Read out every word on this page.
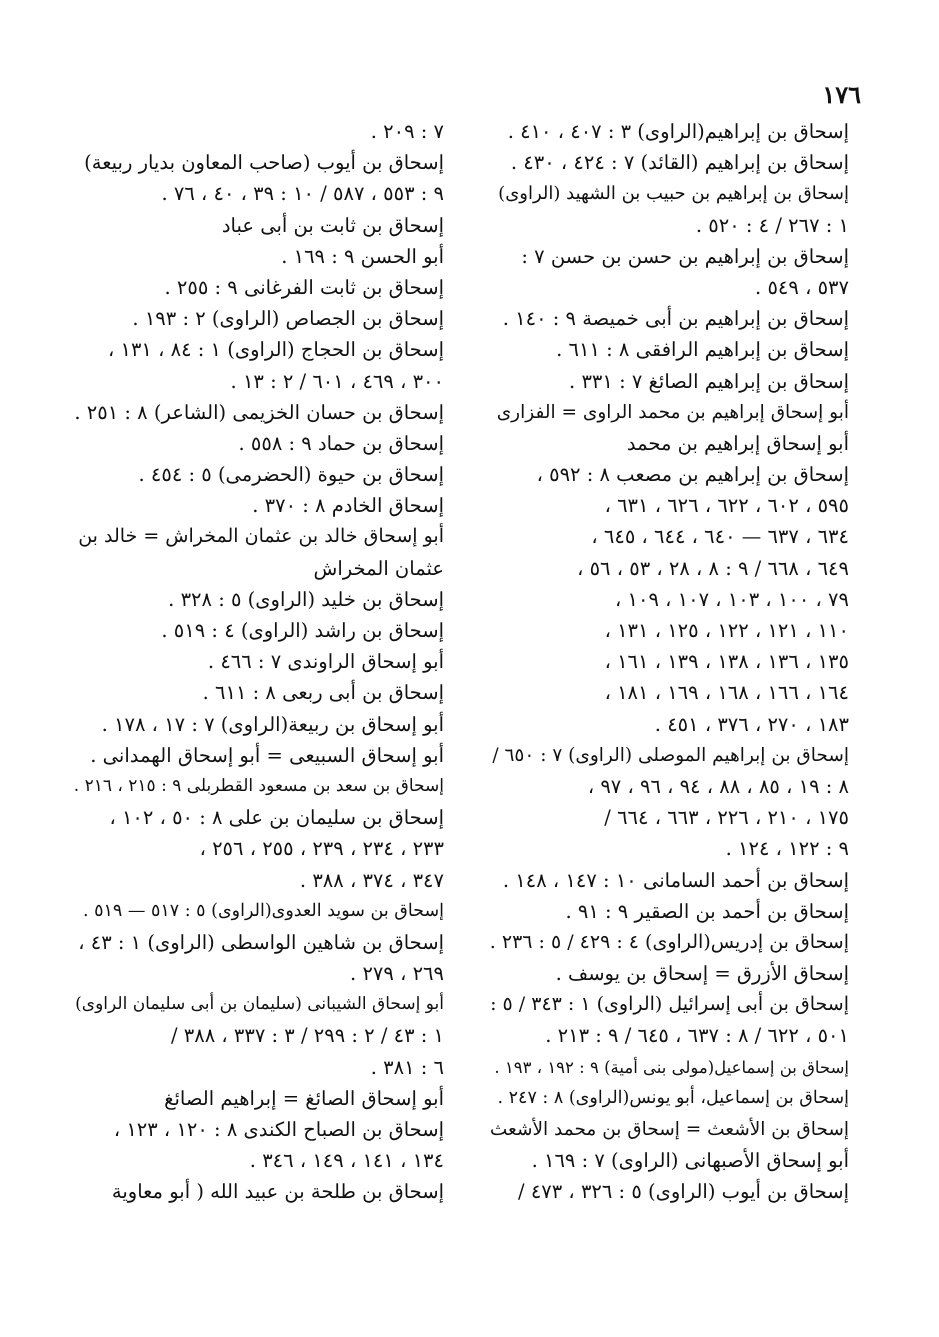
١٧٦
إسحاق بن إبراهيم(الراوی) ٣ : ٤٠٧ ، ٤١٠ .
إسحاق بن إبراهيم (القائد) ٧ : ٤٢٤ ، ٤٣٠ .
إسحاق بن إبراهيم بن حبيب بن الشهيد (الراوی)
١ : ٢٦٧ / ٤ : ٥٢٠ .
إسحاق بن إبراهيم بن حسن بن حسن ٧ :
٥٣٧ ، ٥٤٩ .
إسحاق بن إبراهيم بن أبی خميصة ٩ : ١٤٠ .
إسحاق بن إبراهيم الرافقی ٨ : ٦١١ .
إسحاق بن إبراهيم الصائغ ٧ : ٣٣١ .
أبو إسحاق إبراهيم بن محمد الراوی = الفزاری
أبو إسحاق إبراهيم بن محمد
إسحاق بن إبراهيم بن مصعب ٨ : ٥٩٢ ،
٥٩٥ ، ٦٠٢ ، ٦٢٢ ، ٦٢٦ ، ٦٣١ ،
٦٣٤ ، ٦٣٧ — ٦٤٠ ، ٦٤٤ ، ٦٤٥ ،
٦٤٩ ، ٦٦٨ / ٩ : ٨ ، ٢٨ ، ٥٣ ، ٥٦ ،
٧٩ ، ١٠٠ ، ١٠٣ ، ١٠٧ ، ١٠٩ ،
١١٠ ، ١٢١ ، ١٢٢ ، ١٢٥ ، ١٣١ ،
١٣٥ ، ١٣٦ ، ١٣٨ ، ١٣٩ ، ١٦١ ،
١٦٤ ، ١٦٦ ، ١٦٨ ، ١٦٩ ، ١٨١ ،
١٨٣ ، ٢٧٠ ، ٣٧٦ ، ٤٥١ .
إسحاق بن إبراهيم الموصلی (الراوی) ٧ : ٦٥٠ /
٨ : ١٩ ، ٨٥ ، ٨٨ ، ٩٤ ، ٩٦ ، ٩٧ ،
١٧٥ ، ٢١٠ ، ٢٢٦ ، ٦٦٣ ، ٦٦٤ /
٩ : ١٢٢ ، ١٢٤ .
إسحاق بن أحمد السامانی ١٠ : ١٤٧ ، ١٤٨ .
إسحاق بن أحمد بن الصقير ٩ : ٩١ .
إسحاق بن إدريس(الراوی) ٤ : ٤٢٩ / ٥ : ٢٣٦ .
إسحاق الأزرق = إسحاق بن يوسف .
إسحاق بن أبی إسرائيل (الراوی) ١ : ٣٤٣ / ٥ :
٥٠١ ، ٦٢٢ / ٨ : ٦٣٧ ، ٦٤٥ / ٩ : ٢١٣ .
إسحاق بن إسماعيل(مولی بنی أمية) ٩ : ١٩٢ ، ١٩٣ .
إسحاق بن إسماعيل، أبو يونس(الراوی) ٨ : ٢٤٧ .
إسحاق بن الأشعث = إسحاق بن محمد الأشعث
أبو إسحاق الأصبهانی (الراوی) ٧ : ١٦٩ .
إسحاق بن أيوب (الراوی) ٥ : ٣٢٦ ، ٤٧٣ /
٧ : ٢٠٩ .
إسحاق بن أيوب (صاحب المعاون بديار ربيعة)
٩ : ٥٥٣ ، ٥٨٧ / ١٠ : ٣٩ ، ٤٠ ، ٧٦ .
إسحاق بن ثابت بن أبی عباد
أبو الحسن ٩ : ١٦٩ .
إسحاق بن ثابت الفرغانی ٩ : ٢٥٥ .
إسحاق بن الجصاص (الراوی) ٢ : ١٩٣ .
إسحاق بن الحجاج (الراوی) ١ : ٨٤ ، ١٣١ ،
٣٠٠ ، ٤٦٩ ، ٦٠١ / ٢ : ١٣ .
إسحاق بن حسان الخزيمی (الشاعر) ٨ : ٢٥١ .
إسحاق بن حماد ٩ : ٥٥٨ .
إسحاق بن حيوة (الحضرمی) ٥ : ٤٥٤ .
إسحاق الخادم ٨ : ٣٧٠ .
أبو إسحاق خالد بن عثمان المخراش = خالد بن
عثمان المخراش
إسحاق بن خليد (الراوی) ٥ : ٣٢٨ .
إسحاق بن راشد (الراوی) ٤ : ٥١٩ .
أبو إسحاق الراوندی ٧ : ٤٦٦ .
إسحاق بن أبی ربعی ٨ : ٦١١ .
أبو إسحاق بن ربيعة(الراوی) ٧ : ١٧ ، ١٧٨ .
أبو إسحاق السبيعی = أبو إسحاق الهمدانی .
إسحاق بن سعد بن مسعود القطربلی ٩ : ٢١٥ ، ٢١٦ .
إسحاق بن سليمان بن علی ٨ : ٥٠ ، ١٠٢ ،
٢٣٣ ، ٢٣٤ ، ٢٣٩ ، ٢٥٥ ، ٢٥٦ ،
٣٤٧ ، ٣٧٤ ، ٣٨٨ .
إسحاق بن سويد العدوی(الراوی) ٥ : ٥١٧ — ٥١٩ .
إسحاق بن شاهين الواسطی (الراوی) ١ : ٤٣ ،
٢٦٩ ، ٢٧٩ .
أبو إسحاق الشيبانی (سليمان بن أبی سليمان الراوی)
١ : ٤٣ / ٢ : ٢٩٩ / ٣ : ٣٣٧ ، ٣٨٨ /
٦ : ٣٨١ .
أبو إسحاق الصائغ = إبراهيم الصائغ
إسحاق بن الصباح الكندی ٨ : ١٢٠ ، ١٢٣ ،
١٣٤ ، ١٤١ ، ١٤٩ ، ٣٤٦ .
إسحاق بن طلحة بن عبيد الله ( أبو معاوية
